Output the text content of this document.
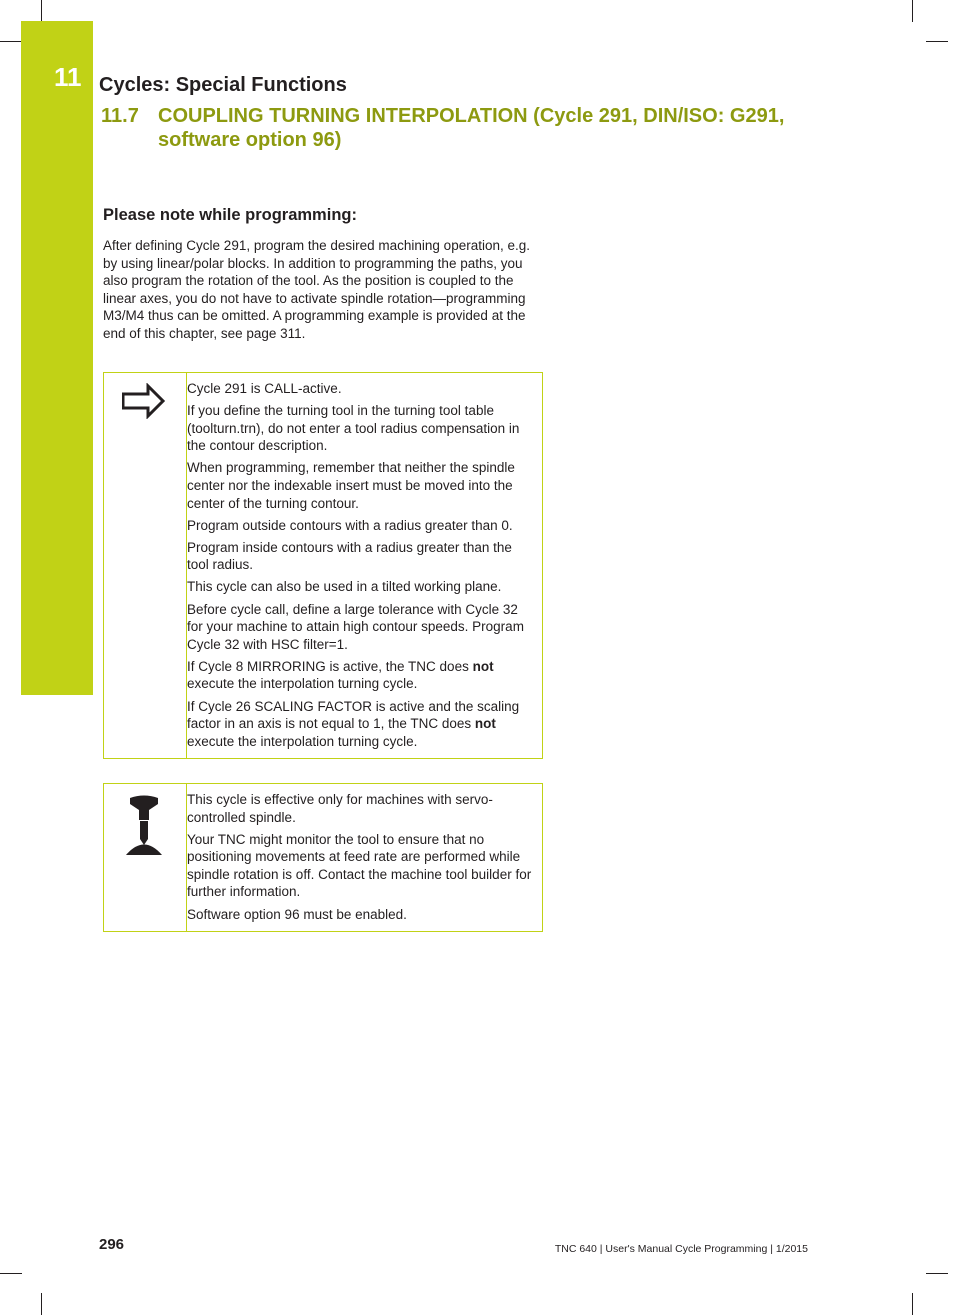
11 Cycles: Special Functions
11.7 COUPLING TURNING INTERPOLATION (Cycle 291, DIN/ISO: G291, software option 96)
Please note while programming:

After defining Cycle 291, program the desired machining operation, e.g. by using linear/polar blocks. In addition to programming the paths, you also program the rotation of the tool. As the position is coupled to the linear axes, you do not have to activate spindle rotation—programming M3/M4 thus can be omitted. A programming example is provided at the end of this chapter, see page 311.

Cycle 291 is CALL-active.

If you define the turning tool in the turning tool table (toolturn.trn), do not enter a tool radius compensation in the contour description.

When programming, remember that neither the spindle center nor the indexable insert must be moved into the center of the turning contour.

Program outside contours with a radius greater than 0.

Program inside contours with a radius greater than the tool radius.

This cycle can also be used in a tilted working plane.

Before cycle call, define a large tolerance with Cycle 32 for your machine to attain high contour speeds. Program Cycle 32 with HSC filter=1.

If Cycle 8 MIRRORING is active, the TNC does not execute the interpolation turning cycle.

If Cycle 26 SCALING FACTOR is active and the scaling factor in an axis is not equal to 1, the TNC does not execute the interpolation turning cycle.

This cycle is effective only for machines with servo-controlled spindle.

Your TNC might monitor the tool to ensure that no positioning movements at feed rate are performed while spindle rotation is off. Contact the machine tool builder for further information.

Software option 96 must be enabled.

296	TNC 640 | User's Manual Cycle Programming | 1/2015
